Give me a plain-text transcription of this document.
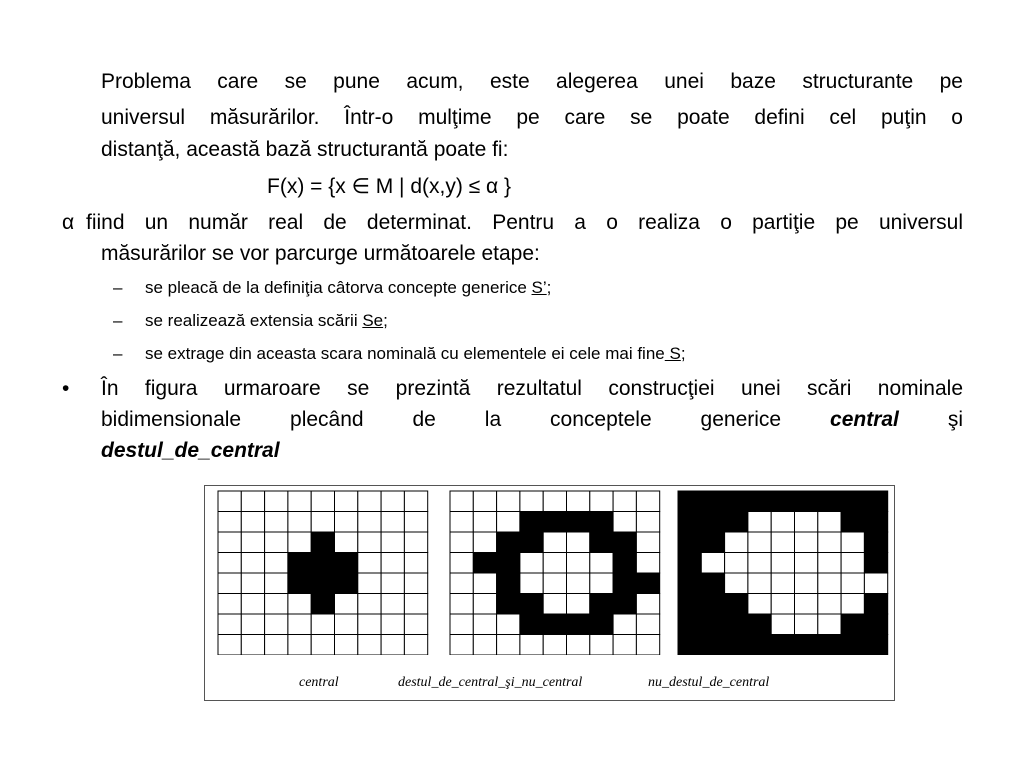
Problema care se pune acum, este alegerea unei baze structurante pe
universul măsurărilor. Într-o mulţime pe care se poate defini cel puţin o
distanţă, această bază structurantă poate fi:
F(x) = {x ∈ M | d(x,y) ≤ α }
α fiind un număr real de determinat. Pentru a o realiza o partiţie pe universul
măsurărilor se vor parcurge următoarele etape:
– se pleacă de la definiţia câtorva concepte generice S’;
– se realizează extensia scării Se;
– se extrage din aceasta scara nominală cu elementele ei cele mai fine S;
• În figura urmaroare se prezintă rezultatul construcţiei unei scări nominale
bidimensionale plecând de la conceptele generice central şi
destul_de_central
central	destul_de_central_şi_nu_central	nu_destul_de_central
